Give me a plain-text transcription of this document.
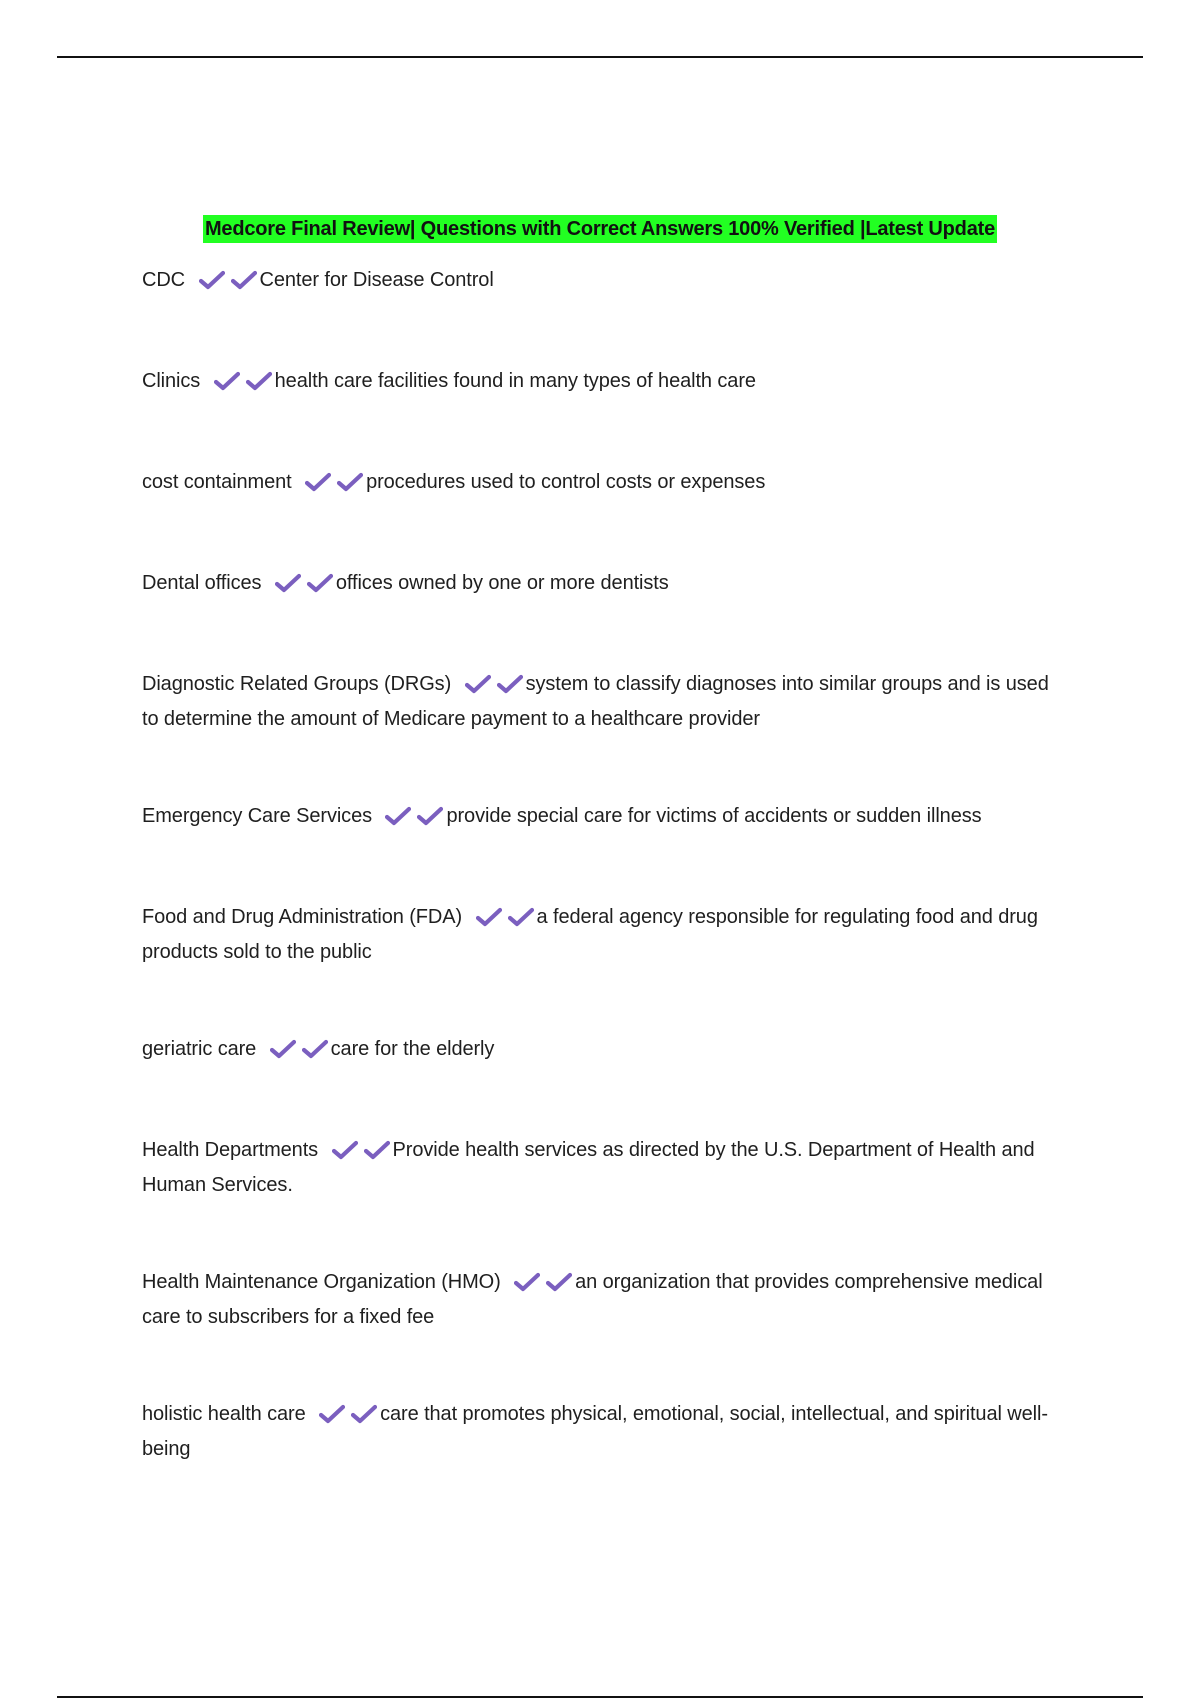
Medcore Final Review| Questions with Correct Answers 100% Verified |Latest Update

CDC	Center for Disease Control

Clinics	health care facilities found in many types of health care

cost containment	procedures used to control costs or expenses

Dental offices	offices owned by one or more dentists

Diagnostic Related Groups (DRGs)	system to classify diagnoses into similar groups and is used to determine the amount of Medicare payment to a healthcare provider

Emergency Care Services	provide special care for victims of accidents or sudden illness

Food and Drug Administration (FDA)	a federal agency responsible for regulating food and drug products sold to the public

geriatric care	care for the elderly

Health Departments	Provide health services as directed by the U.S. Department of Health and Human Services.

Health Maintenance Organization (HMO)	an organization that provides comprehensive medical care to subscribers for a fixed fee

holistic health care	care that promotes physical, emotional, social, intellectual, and spiritual well-being
